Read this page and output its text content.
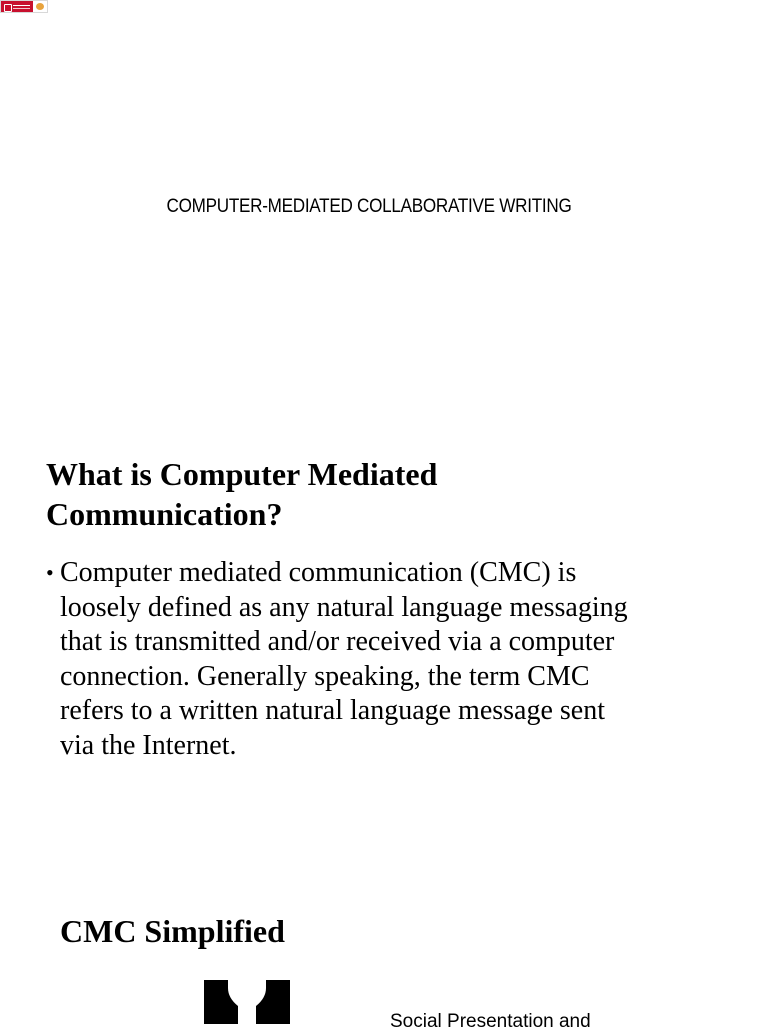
COMPUTER-MEDIATED COLLABORATIVE WRITING
What is Computer Mediated
Communication?
• Computer mediated communication (CMC) is
loosely defined as any natural language messaging
that is transmitted and/or received via a computer
connection. Generally speaking, the term CMC
refers to a written natural language message sent
via the Internet.
CMC Simplified
Social Presentation and
